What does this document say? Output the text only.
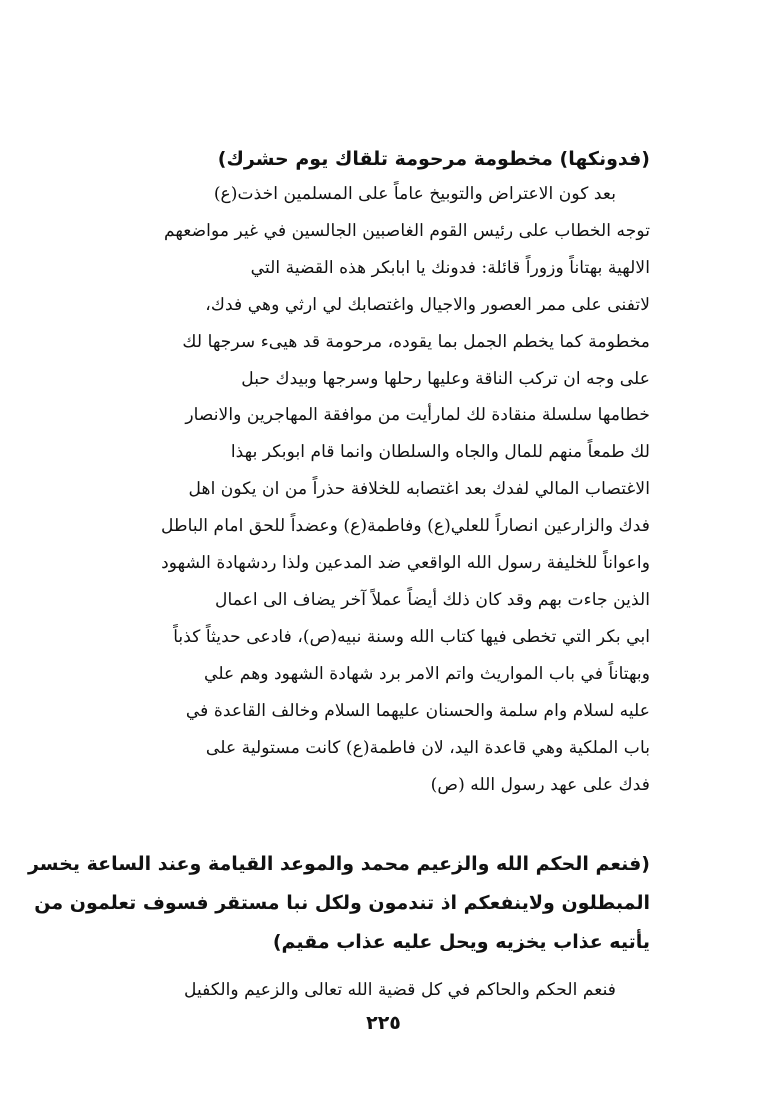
(فدونكها) مخطومة مرحومة تلقاك يوم حشرك)
بعد كون الاعتراض والتوبيخ عاماً على المسلمين اخذت(ع)
توجه الخطاب على رئيس القوم الغاصبين الجالسين في غير مواضعهم
الالهية بهتاناً وزوراً قائلة: فدونك يا ابابكر هذه القضية التي
لاتفنى على ممر العصور والاجيال واغتصابك لي ارثي وهي فدك،
مخطومة كما يخطم الجمل بما يقوده، مرحومة قد هيىء سرجها لك
على وجه ان تركب الناقة وعليها رحلها وسرجها وبيدك حبل
خطامها سلسلة منقادة لك لمارأيت من موافقة المهاجرين والانصار
لك طمعاً منهم للمال والجاه والسلطان وانما قام ابوبكر بهذا
الاغتصاب المالي لفدك بعد اغتصابه للخلافة حذراً من ان يكون اهل
فدك والزارعين انصاراً للعلي(ع) وفاطمة(ع) وعضداً للحق امام الباطل
واعواناً للخليفة رسول الله الواقعي ضد المدعين ولذا ردشهادة الشهود
الذين جاءت بهم وقد كان ذلك أيضاً عملاً آخر يضاف الى اعمال
ابي بكر التي تخطى فيها كتاب الله وسنة نبيه(ص)، فادعى حديثاً كذباً
وبهتاناً في باب المواريث واتم الامر برد شهادة الشهود وهم علي
عليه لسلام وام سلمة والحسنان عليهما السلام وخالف القاعدة في
باب الملكية وهي قاعدة اليد، لان فاطمة(ع) كانت مستولية على
فدك على عهد رسول الله (ص)
(فنعم الحكم الله والزعيم محمد والموعد القيامة وعند الساعة يخسر
المبطلون ولاينفعكم اذ تندمون ولكل نبا مستقر فسوف تعلمون من
يأتيه عذاب يخزيه ويحل عليه عذاب مقيم)
فنعم الحكم والحاكم في كل قضية الله تعالى والزعيم والكفيل
٢٢٥
